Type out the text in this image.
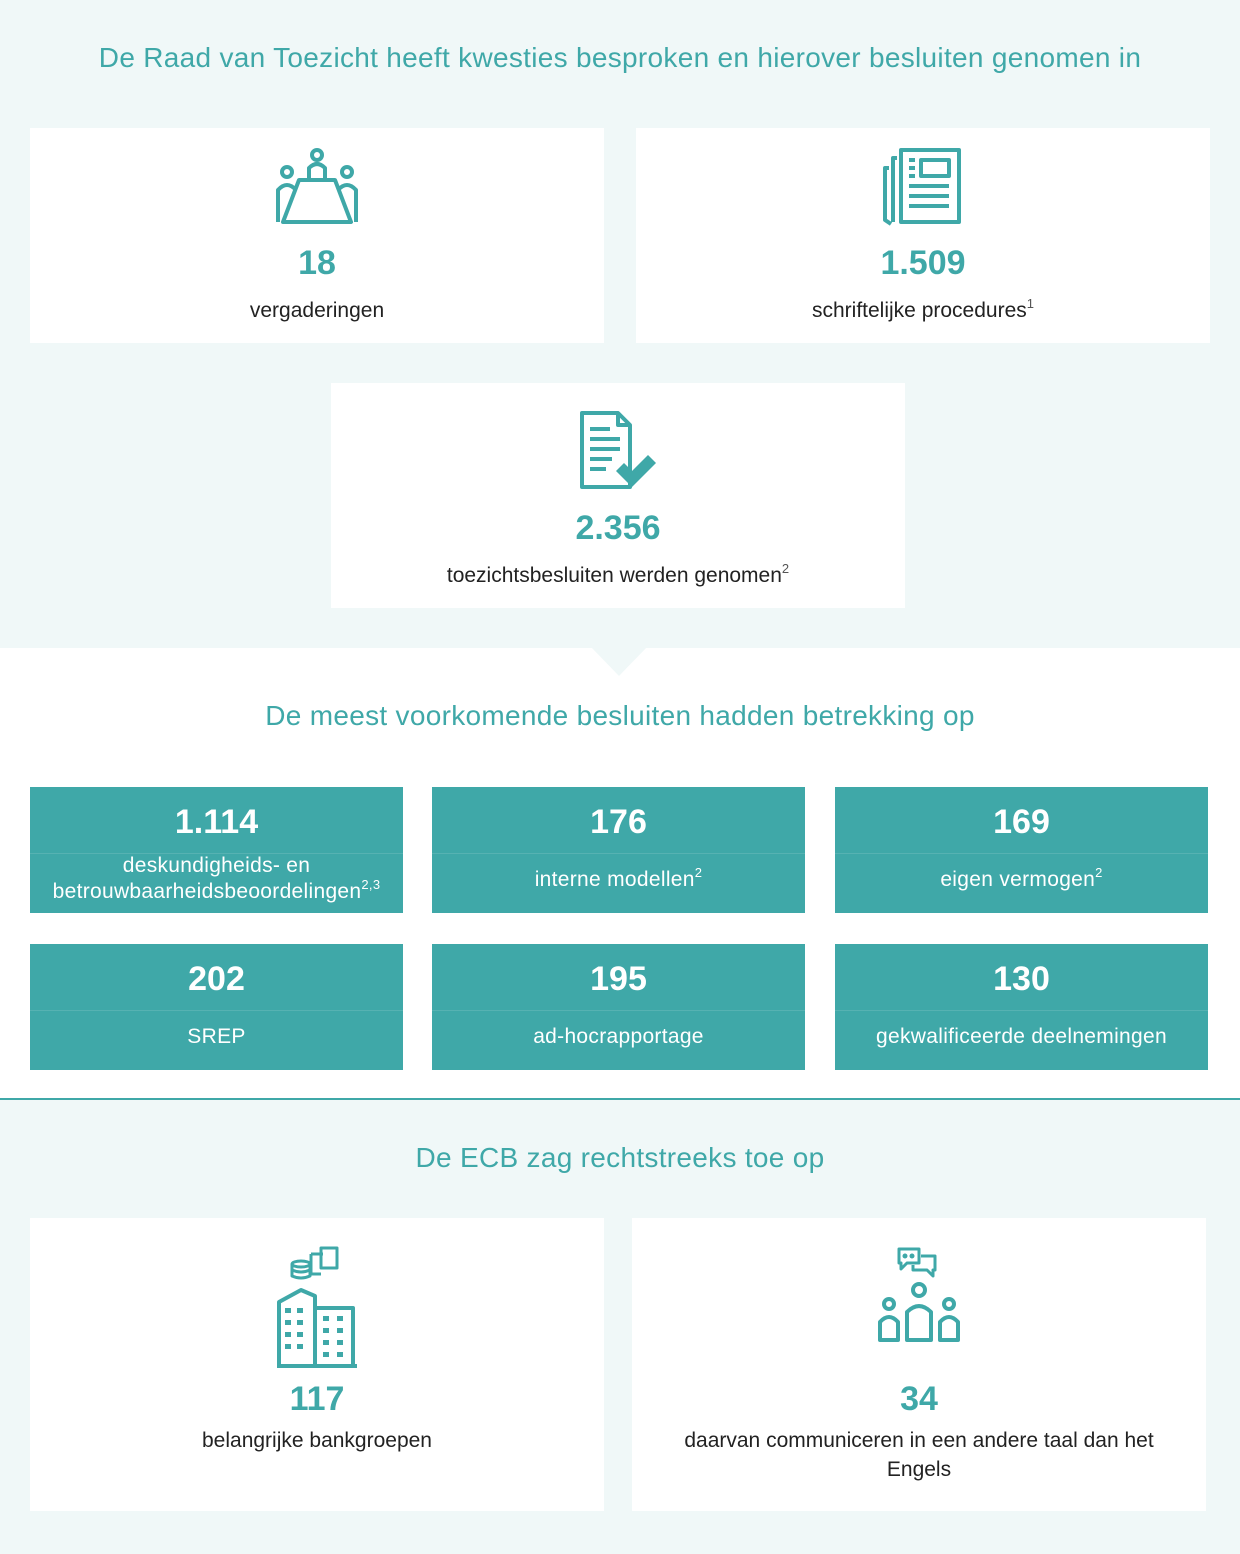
De Raad van Toezicht heeft kwesties besproken en hierover besluiten genomen in
18
vergaderingen
1.509
schriftelijke procedures$^1$
2.356
toezichtsbesluiten werden genomen$^2$
De meest voorkomende besluiten hadden betrekking op
1.114
deskundigheids- en
betrouwbaarheidsbeoordelingen$^{2,3}$
176
interne modellen$^2$
169
eigen vermogen$^2$
202
SREP
195
ad-hocrapportage
130
gekwalificeerde deelnemingen
De ECB zag rechtstreeks toe op
117
belangrijke bankgroepen
34
daarvan communiceren in een andere taal dan het
Engels
